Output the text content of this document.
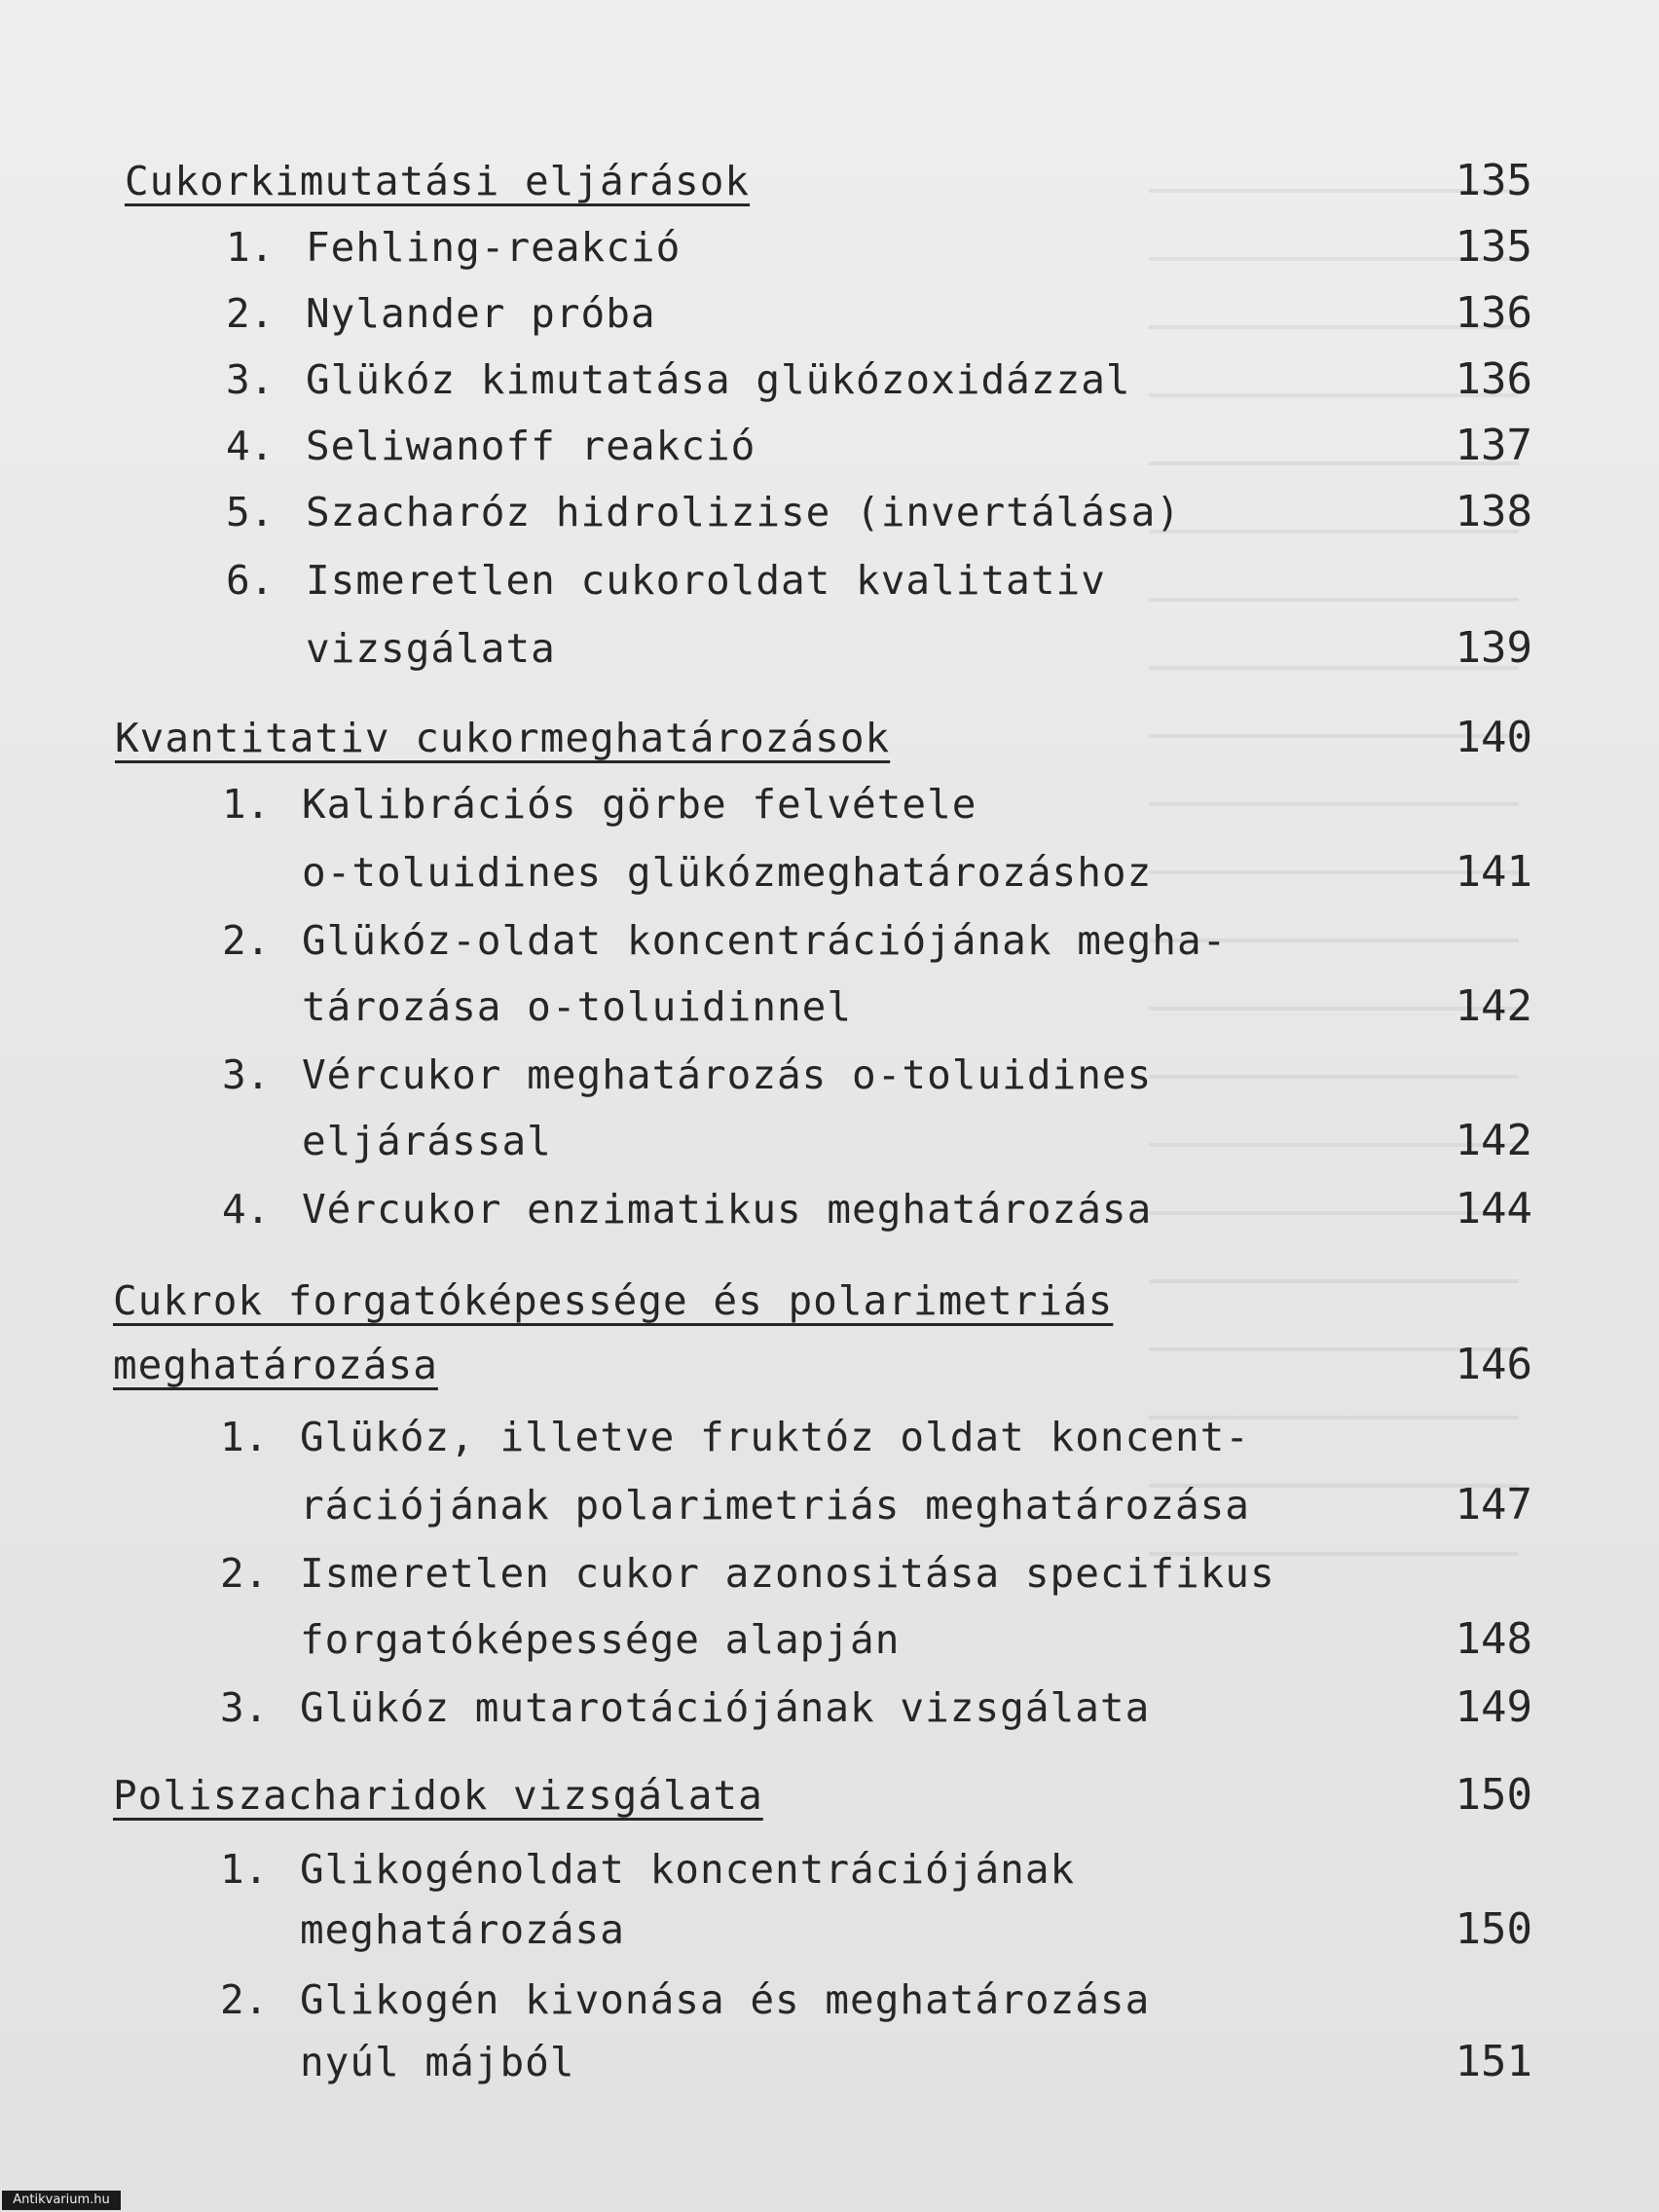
Cukorkimutatási eljárások	135
1. Fehling-reakció	135
2. Nylander próba	136
3. Glükóz kimutatása glükózoxidázzal	136
4. Seliwanoff reakció	137
5. Szacharóz hidrolizise (invertálása)	138
6. Ismeretlen cukoroldat kvalitativ
vizsgálata	139
Kvantitativ cukormeghatározások	140
1. Kalibrációs görbe felvétele
o-toluidines glükózmeghatározáshoz	141
2. Glükóz-oldat koncentrációjának megha-
tározása o-toluidinnel	142
3. Vércukor meghatározás o-toluidines
eljárással	142
4. Vércukor enzimatikus meghatározása	144
Cukrok forgatóképessége és polarimetriás
meghatározása	146
1. Glükóz, illetve fruktóz oldat koncent-
rációjának polarimetriás meghatározása	147
2. Ismeretlen cukor azonositása specifikus
forgatóképessége alapján	148
3. Glükóz mutarotációjának vizsgálata	149
Poliszacharidok vizsgálata	150
1. Glikogénoldat koncentrációjának
meghatározása	150
2. Glikogén kivonása és meghatározása
nyúl májból	151
Antikvarium.hu
